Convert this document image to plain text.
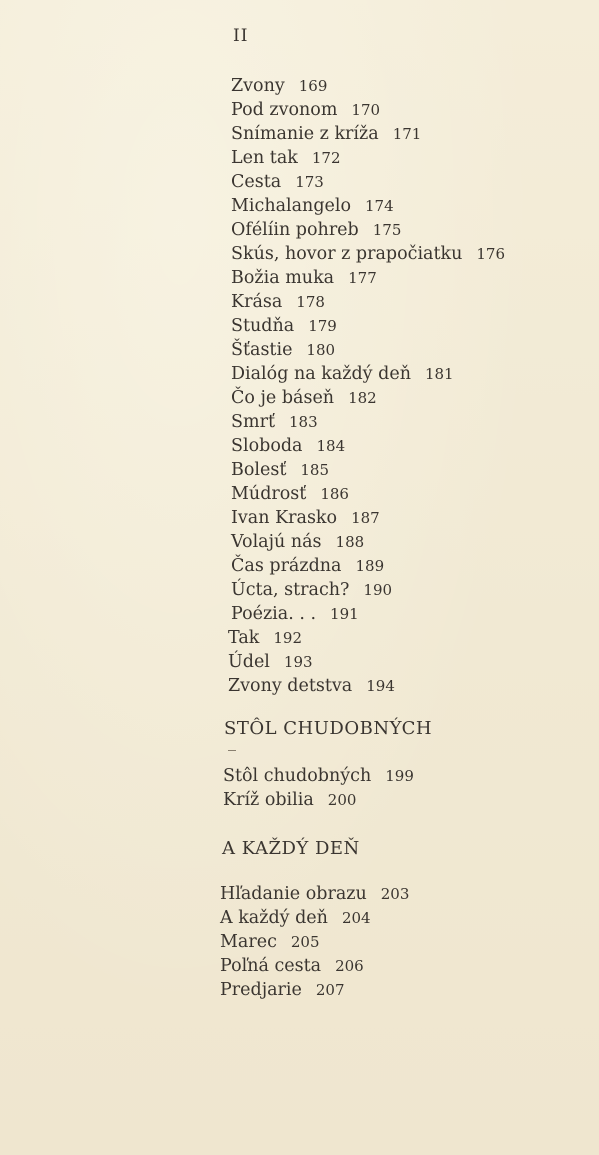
II
Zvony 169
Pod zvonom 170
Snímanie z kríža 171
Len tak 172
Cesta 173
Michalangelo 174
Ofélíin pohreb 175
Skús, hovor z prapočiatku 176
Božia muka 177
Krása 178
Studňa 179
Šťastie 180
Dialóg na každý deň 181
Čo je báseň 182
Smrť 183
Sloboda 184
Bolesť 185
Múdrosť 186
Ivan Krasko 187
Volajú nás 188
Čas prázdna 189
Úcta, strach? 190
Poézia. . . 191
Tak 192
Údel 193
Zvony detstva 194
STÔL CHUDOBNÝCH
Stôl chudobných 199
Kríž obilia 200
A KAŽDÝ DEŇ
Hľadanie obrazu 203
A každý deň 204
Marec 205
Poľná cesta 206
Predjarie 207
